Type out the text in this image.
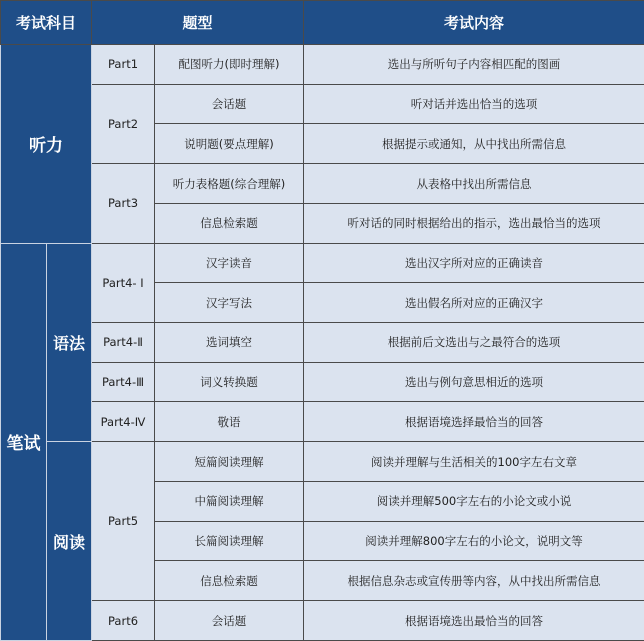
考试科目		题型		考试内容
听力		Part1	配图听力(即时理解)	选出与所听句子内容相匹配的图画
		Part2	会话题	听对话并选出恰当的选项
			说明题(要点理解)	根据提示或通知，从中找出所需信息
		Part3	听力表格题(综合理解)	从表格中找出所需信息
			信息检索题	听对话的同时根据给出的指示，选出最恰当的选项
笔试	语法	Part4- Ⅰ	汉字读音	选出汉字所对应的正确读音
			汉字写法	选出假名所对应的正确汉字
		Part4-Ⅱ	选词填空	根据前后文选出与之最符合的选项
		Part4-Ⅲ	词义转换题	选出与例句意思相近的选项
		Part4-Ⅳ	敬语	根据语境选择最恰当的回答
	阅读	Part5	短篇阅读理解	阅读并理解与生活相关的100字左右文章
			中篇阅读理解	阅读并理解500字左右的小论文或小说
			长篇阅读理解	阅读并理解800字左右的小论文，说明文等
			信息检索题	根据信息杂志或宣传册等内容，从中找出所需信息
		Part6	会话题	根据语境选出最恰当的回答
